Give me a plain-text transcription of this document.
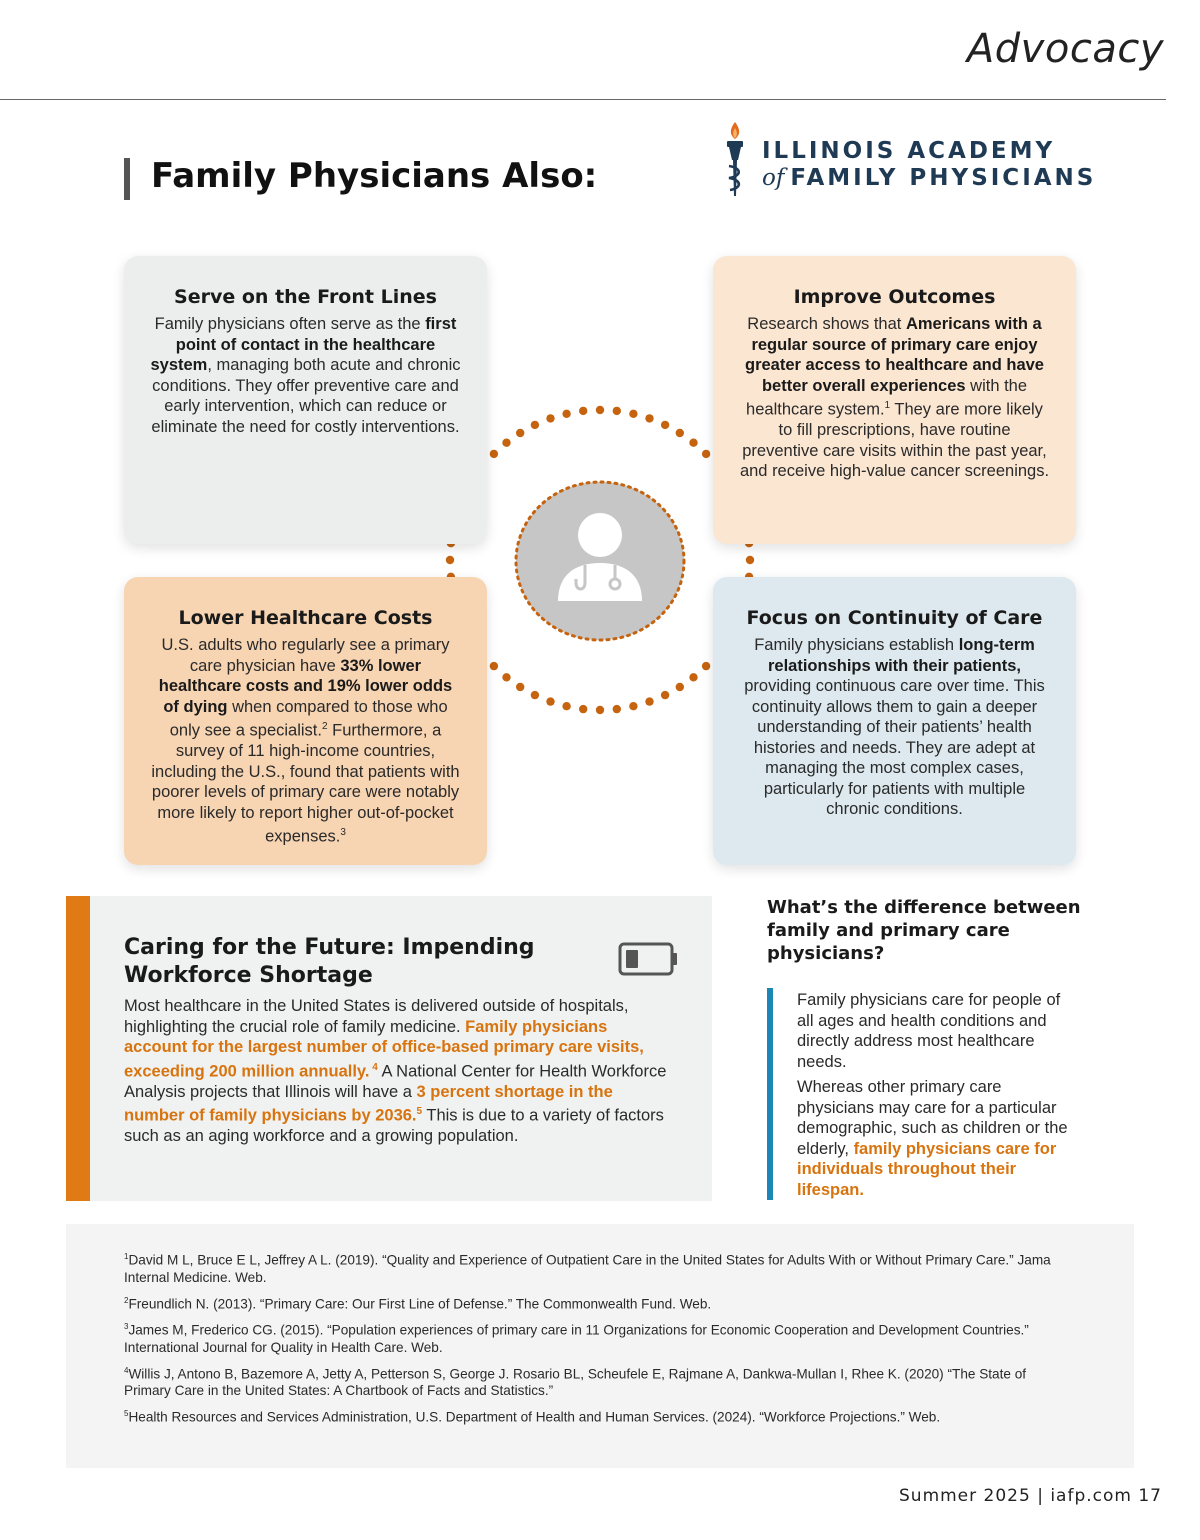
Advocacy
Family Physicians Also:
ILLINOIS ACADEMY
of FAMILY PHYSICIANS
Serve on the Front Lines

Family physicians often serve as the first point of contact in the healthcare system, managing both acute and chronic conditions. They offer preventive care and early intervention, which can reduce or eliminate the need for costly interventions.

Improve Outcomes

Research shows that Americans with a regular source of primary care enjoy greater access to healthcare and have better overall experiences with the healthcare system.$^1$ They are more likely to fill prescriptions, have routine preventive care visits within the past year, and receive high-value cancer screenings.

Lower Healthcare Costs

U.S. adults who regularly see a primary care physician have 33% lower healthcare costs and 19% lower odds of dying when compared to those who only see a specialist.$^2$ Furthermore, a survey of 11 high-income countries, including the U.S., found that patients with poorer levels of primary care were notably more likely to report higher out-of-pocket expenses.$^3$

Focus on Continuity of Care

Family physicians establish long-term relationships with their patients, providing continuous care over time. This continuity allows them to gain a deeper understanding of their patients’ health histories and needs. They are adept at managing the most complex cases, particularly for patients with multiple chronic conditions.

Caring for the Future: Impending Workforce Shortage

Most healthcare in the United States is delivered outside of hospitals, highlighting the crucial role of family medicine. Family physicians account for the largest number of office-based primary care visits, exceeding 200 million annually. $^4$ A National Center for Health Workforce Analysis projects that Illinois will have a 3 percent shortage in the number of family physicians by 2036.$^5$ This is due to a variety of factors such as an aging workforce and a growing population.

What’s the difference between family and primary care physicians?

Family physicians care for people of all ages and health conditions and directly address most healthcare needs.

Whereas other primary care physicians may care for a particular demographic, such as children or the elderly, family physicians care for individuals throughout their lifespan.

$^1$David M L, Bruce E L, Jeffrey A L. (2019). “Quality and Experience of Outpatient Care in the United States for Adults With or Without Primary Care.” Jama Internal Medicine. Web.

$^2$Freundlich N. (2013). “Primary Care: Our First Line of Defense.” The Commonwealth Fund. Web.

$^3$James M, Frederico CG. (2015). “Population experiences of primary care in 11 Organizations for Economic Cooperation and Development Countries.” International Journal for Quality in Health Care. Web.

$^4$Willis J, Antono B, Bazemore A, Jetty A, Petterson S, George J. Rosario BL, Scheufele E, Rajmane A, Dankwa-Mullan I, Rhee K. (2020) “The State of Primary Care in the United States: A Chartbook of Facts and Statistics.”

$^5$Health Resources and Services Administration, U.S. Department of Health and Human Services. (2024). “Workforce Projections.” Web.

Summer 2025 | iafp.com 17
